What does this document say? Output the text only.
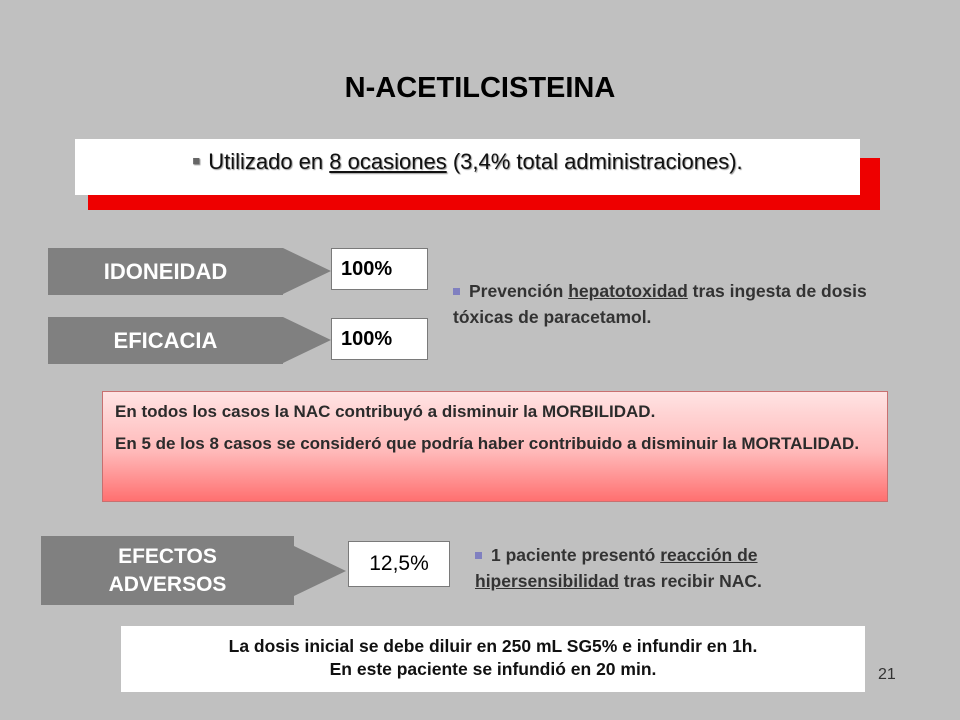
N-ACETILCISTEINA
■ Utilizado en 8 ocasiones (3,4% total administraciones).
IDONEIDAD	100%
EFICACIA	100%
Prevención hepatotoxidad tras ingesta de dosis tóxicas de paracetamol.

En todos los casos la NAC contribuyó a disminuir la MORBILIDAD.

En 5 de los 8 casos se consideró que podría haber contribuido a disminuir la MORTALIDAD.

EFECTOS
ADVERSOS
12,5%	1 paciente presentó reacción de hipersensibilidad tras recibir NAC.
La dosis inicial se debe diluir en 250 mL SG5% e infundir en 1h.
En este paciente se infundió en 20 min.	21
